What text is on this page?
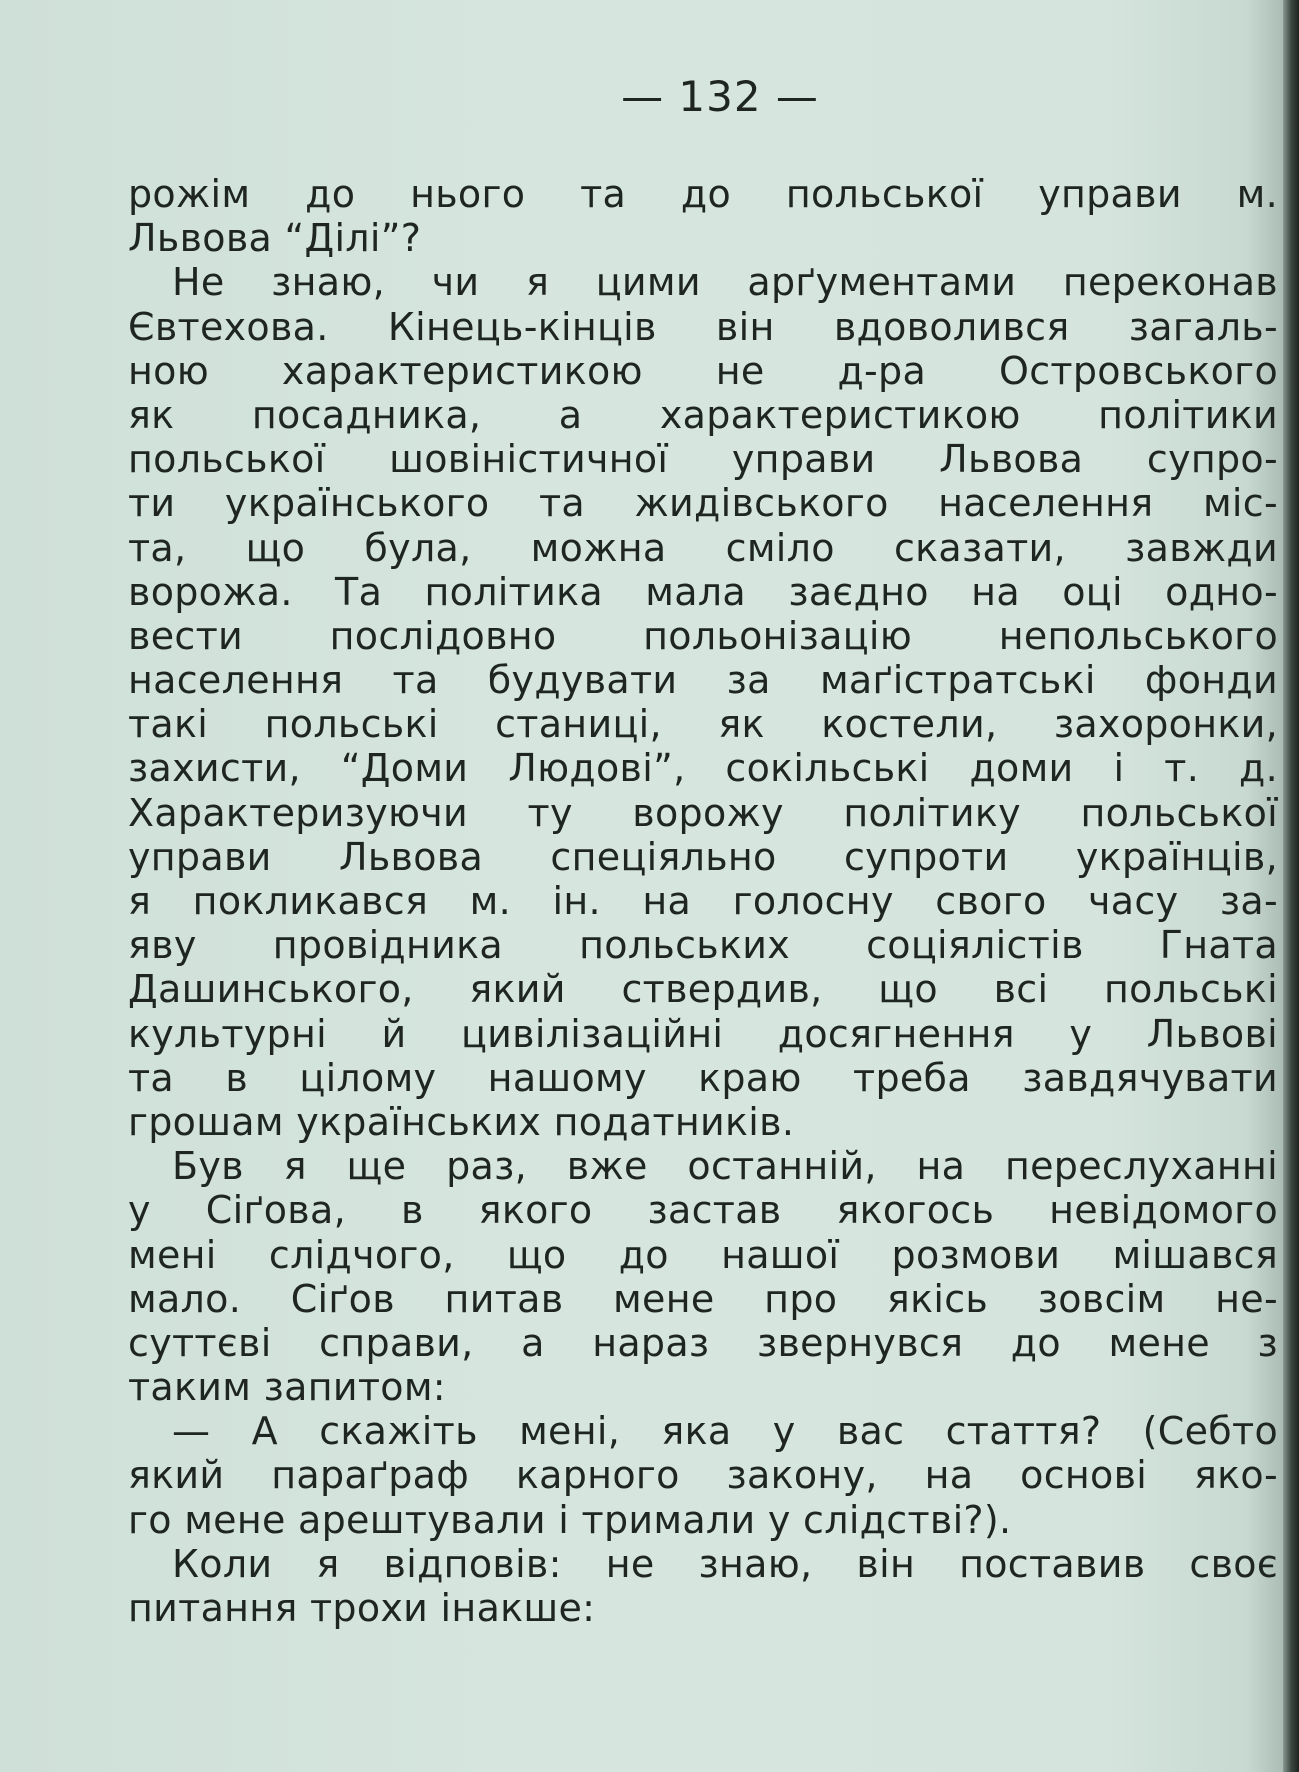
— 132 —
рожім до нього та до польської управи м.
Львова “Ділі”?
Не знаю, чи я цими арґументами переконав
Євтехова. Кінець-кінців він вдоволився загаль-
ною характеристикою не д-ра Островського
як посадника, а характеристикою політики
польської шовіністичної управи Львова супро-
ти українського та жидівського населення міс-
та, що була, можна сміло сказати, завжди
ворожа. Та політика мала заєдно на оці одно-
вести послідовно польонізацію непольського
населення та будувати за маґістратські фонди
такі польські станиці, як костели, захоронки,
захисти, “Доми Людові”, сокільські доми і т. д.
Характеризуючи ту ворожу політику польської
управи Львова спеціяльно супроти українців,
я покликався м. ін. на голосну свого часу за-
яву провідника польських соціялістів Гната
Дашинського, який ствердив, що всі польські
культурні й цивілізаційні досягнення у Львові
та в цілому нашому краю треба завдячувати
грошам українських податників.
Був я ще раз, вже останній, на переслуханні
у Сіґова, в якого застав якогось невідомого
мені слідчого, що до нашої розмови мішався
мало. Сіґов питав мене про якісь зовсім не-
суттєві справи, а нараз звернувся до мене з
таким запитом:
— А скажіть мені, яка у вас стаття? (Себто
який параґраф карного закону, на основі яко-
го мене арештували і тримали у слідстві?).
Коли я відповів: не знаю, він поставив своє
питання трохи інакше:
